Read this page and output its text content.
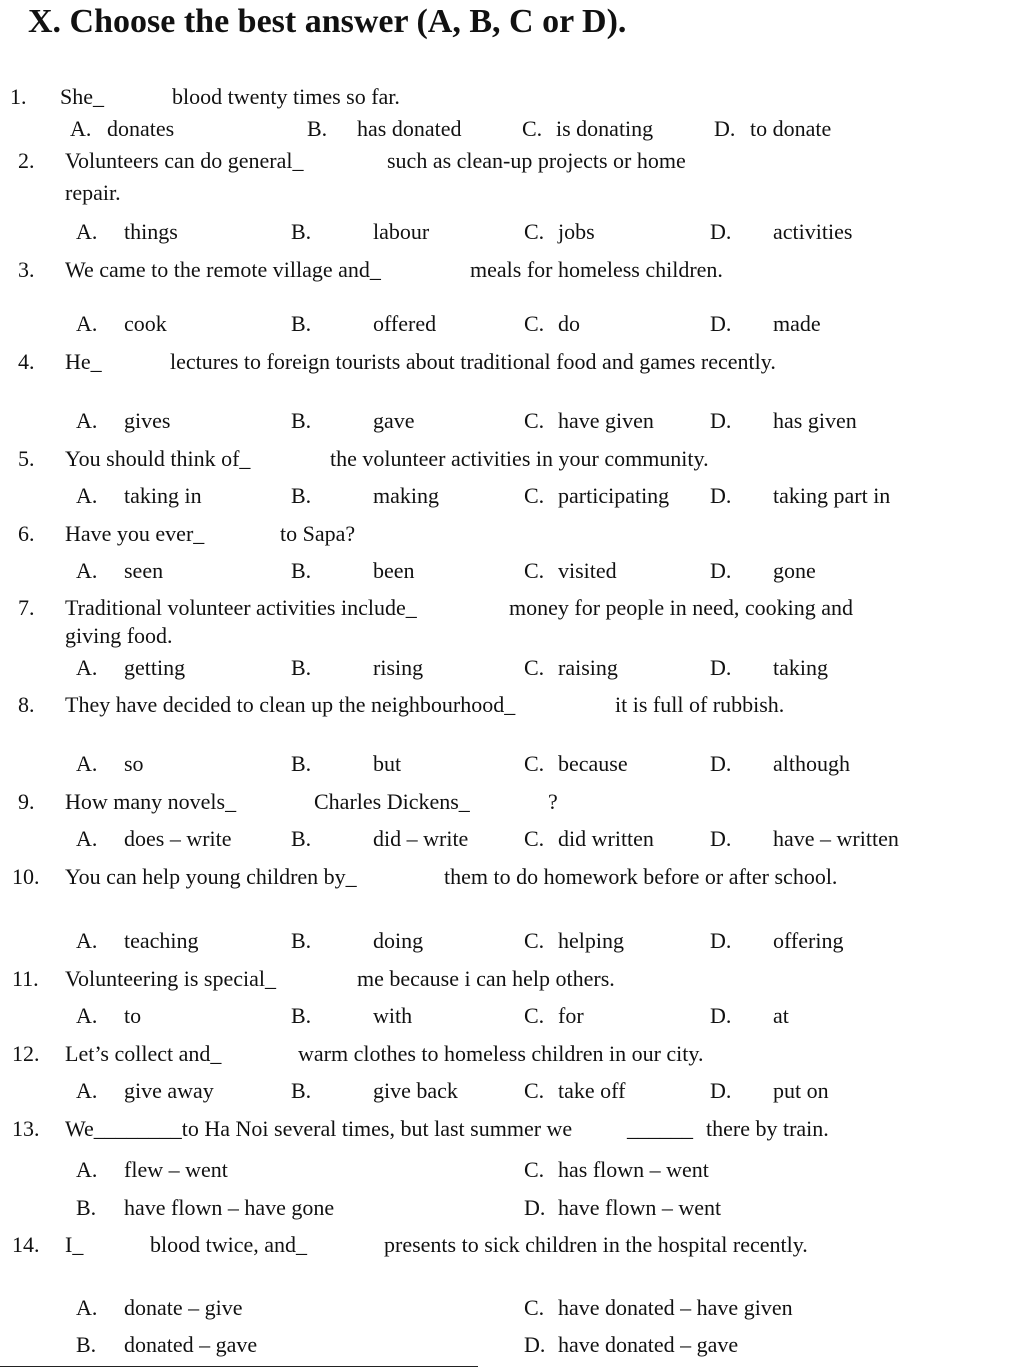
X. Choose the best answer (A, B, C or D).
1. She_	blood twenty times so far.
A. donates	B. has donated	C. is donating	D. to donate
2. Volunteers can do general_	such as clean-up projects or home
repair.
A. things	B.	labour	C. jobs	D. activities
3. We came to the remote village and_	meals for homeless children.
A. cook	B.	offered	C. do	D. made
4. He_	lectures to foreign tourists about traditional food and games recently.
A. gives	B.	gave	C. have given	D. has given
5. You should think of_	the volunteer activities in your community.
A. taking in	B.	making	C. participating D. taking part in
6. Have you ever_	to Sapa?
A. seen	B.	been	C. visited	D. gone
7. Traditional volunteer activities include_	money for people in need, cooking and
giving food.
A. getting	B.	rising	C. raising	D. taking
8. They have decided to clean up the neighbourhood_	it is full of rubbish.
A. so	B.	but	C. because	D. although
9. How many novels_	Charles Dickens_	?
A. does – write	B.	did – write	C. did written	D. have – written
10. You can help young children by_	them to do homework before or after school.
A. teaching	B.	doing	C. helping	D. offering
11. Volunteering is special_	me because i can help others.
A. to	B.	with	C. for	D. at
12. Let’s collect and_	warm clothes to homeless children in our city.
A. give away	B.	give back	C. take off	D. put on
13. We________to Ha Noi several times, but last summer we ______ there by train.
A. flew – went	C. has flown – went
B. have flown – have gone	D. have flown – went
14. I_	blood twice, and_	presents to sick children in the hospital recently.
A. donate – give	C. have donated – have given
B. donated – gave	D. have donated – gave
